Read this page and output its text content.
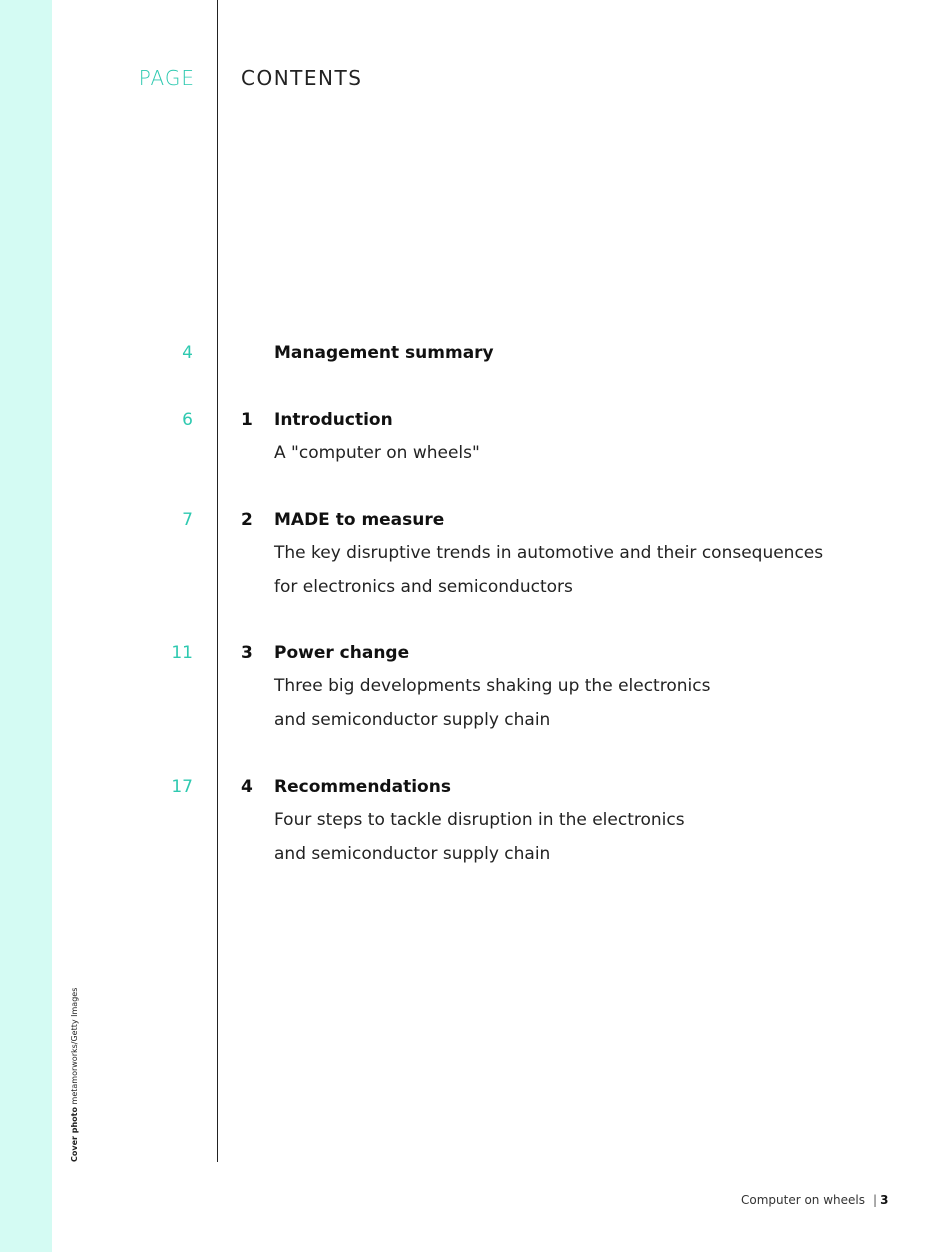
PAGE CONTENTS
4	Management summary
6	1 Introduction
A "computer on wheels"
7	2 MADE to measure
The key disruptive trends in automotive and their consequences
for electronics and semiconductors
11	3 Power change
Three big developments shaking up the electronics
and semiconductor supply chain
17	4 Recommendations
Four steps to tackle disruption in the electronics
and semiconductor supply chain
Cover photo metamorworks/Getty Images
Computer on wheels | 3
